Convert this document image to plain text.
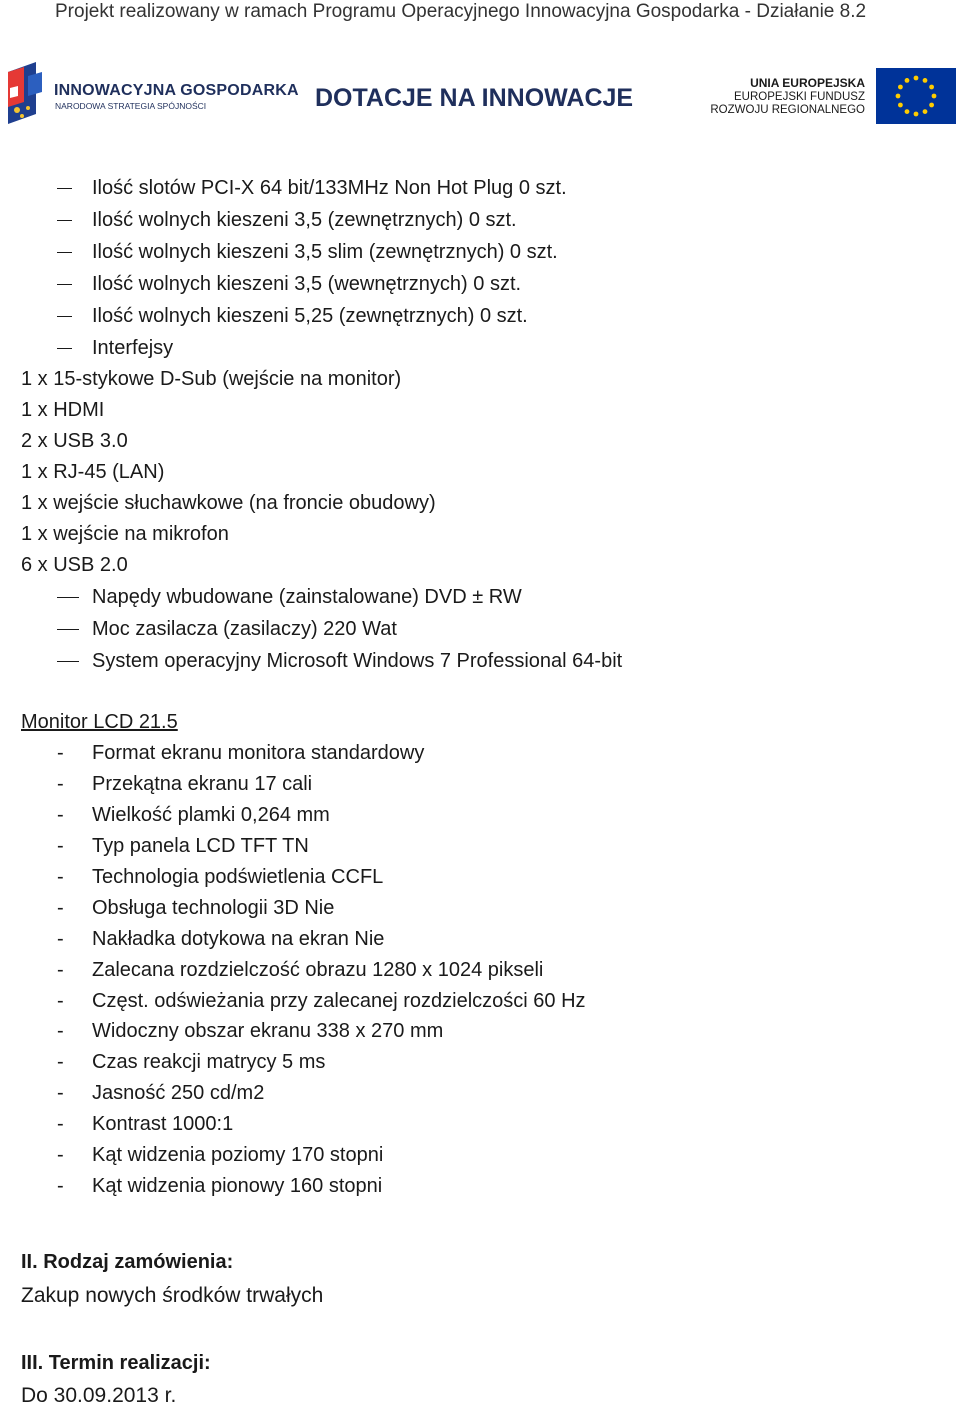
Projekt realizowany w ramach Programu Operacyjnego Innowacyjna Gospodarka - Działanie 8.2
INNOWACYJNA GOSPODARKA
NARODOWA STRATEGIA SPÓJNOŚCI	DOTACJE NA INNOWACJE
UNIA EUROPEJSKA
EUROPEJSKI FUNDUSZ
ROZWOJU REGIONALNEGO
Ilość slotów PCI-X 64 bit/133MHz Non Hot Plug 0 szt.
Ilość wolnych kieszeni 3,5 (zewnętrznych) 0 szt.
Ilość wolnych kieszeni 3,5 slim (zewnętrznych) 0 szt.
Ilość wolnych kieszeni 3,5 (wewnętrznych) 0 szt.
Ilość wolnych kieszeni 5,25 (zewnętrznych) 0 szt.
Interfejsy
1 x 15-stykowe D-Sub (wejście na monitor)
1 x HDMI
2 x USB 3.0
1 x RJ-45 (LAN)
1 x wejście słuchawkowe (na froncie obudowy)
1 x wejście na mikrofon
6 x USB 2.0
Napędy wbudowane (zainstalowane) DVD ± RW
Moc zasilacza (zasilaczy) 220 Wat
System operacyjny Microsoft Windows 7 Professional 64-bit
Monitor LCD 21.5
- Format ekranu monitora standardowy
- Przekątna ekranu 17 cali
- Wielkość plamki 0,264 mm
- Typ panela LCD TFT TN
- Technologia podświetlenia CCFL
- Obsługa technologii 3D Nie
- Nakładka dotykowa na ekran Nie
- Zalecana rozdzielczość obrazu 1280 x 1024 pikseli
- Częst. odświeżania przy zalecanej rozdzielczości 60 Hz
- Widoczny obszar ekranu 338 x 270 mm
- Czas reakcji matrycy 5 ms
- Jasność 250 cd/m2
- Kontrast 1000:1
- Kąt widzenia poziomy 170 stopni
- Kąt widzenia pionowy 160 stopni
II. Rodzaj zamówienia:
Zakup nowych środków trwałych
III. Termin realizacji:
Do 30.09.2013 r.
